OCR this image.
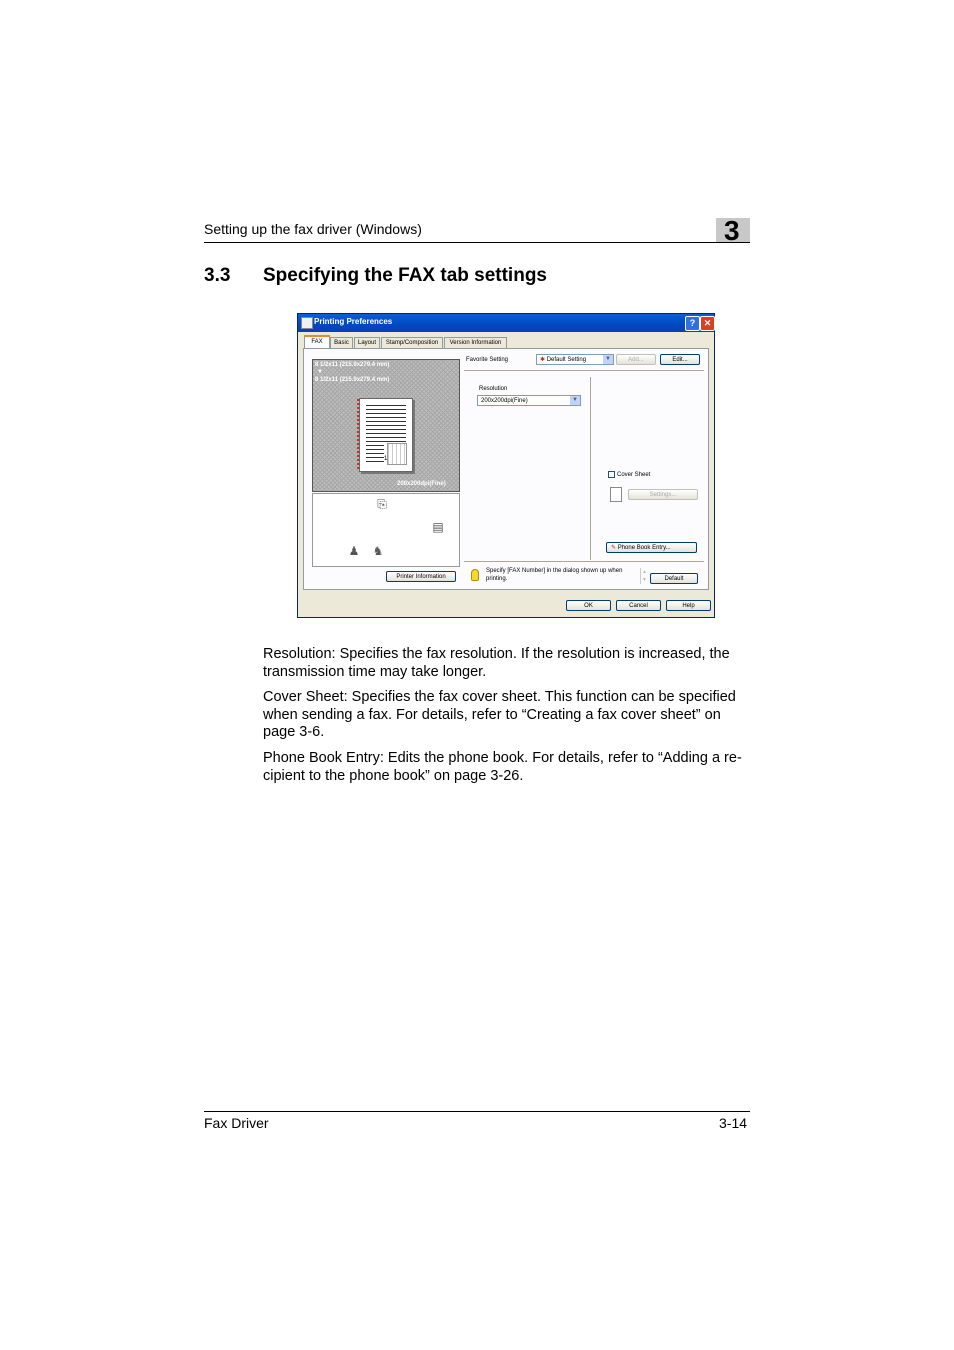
Setting up the fax driver (Windows)	3
3.3 Specifying the FAX tab settings
Printing Preferences	? ✕
FAX	Basic	Layout	Stamp/Composition	Version Information
8 1/2x11 (215.9x279.4 mm)
▼
8 1/2x11 (215.9x279.4 mm)
1
200x200dpi(Fine)
⎘
▤
♟ ♞
Printer Information
Favorite Setting	✱ Default Setting	▼	Add...	Edit...
Resolution
200x200dpi(Fine)	▼
Cover Sheet
Settings...
✎ Phone Book Entry...
Specify [FAX Number] in the dialog shown up when printing.
▲
▼	Default
OK	Cancel	Help
Resolution: Specifies the fax resolution. If the resolution is increased, the transmission time may take longer.
Cover Sheet: Specifies the fax cover sheet. This function can be specified when sending a fax. For details, refer to “Creating a fax cover sheet” on page 3-6.
Phone Book Entry: Edits the phone book. For details, refer to “Adding a re-cipient to the phone book” on page 3-26.
Fax Driver	3-14
